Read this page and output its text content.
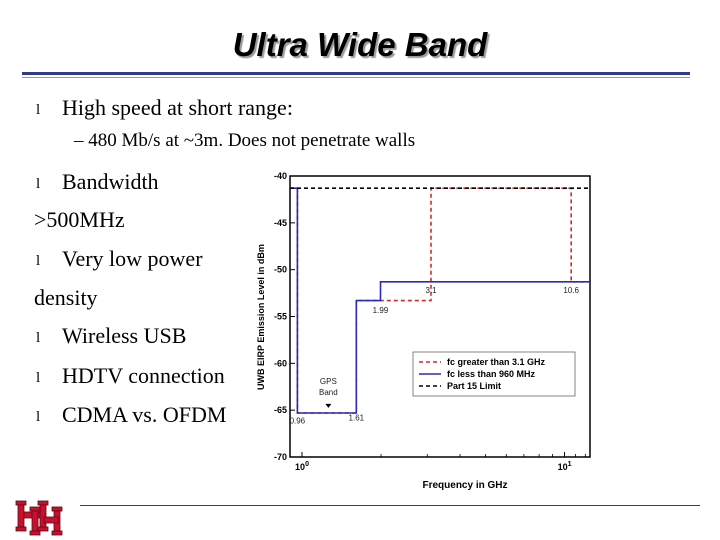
Ultra Wide Band
l High speed at short range:
– 480 Mb/s at ~3m. Does not penetrate walls
l Bandwidth
>500MHz
l Very low power
density
l Wireless USB
l HDTV connection
l CDMA vs. OFDM
-40
-45
-50
-55
-60
-65
-70
$10^0$	$10^1$
0.96	1.61
1.99
3.1	10.6
GPS
Band
fc greater than 3.1 GHz
fc less than 960 MHz
Part 15 Limit
UWB EIRP Emission Level in dBm
Frequency in GHz
